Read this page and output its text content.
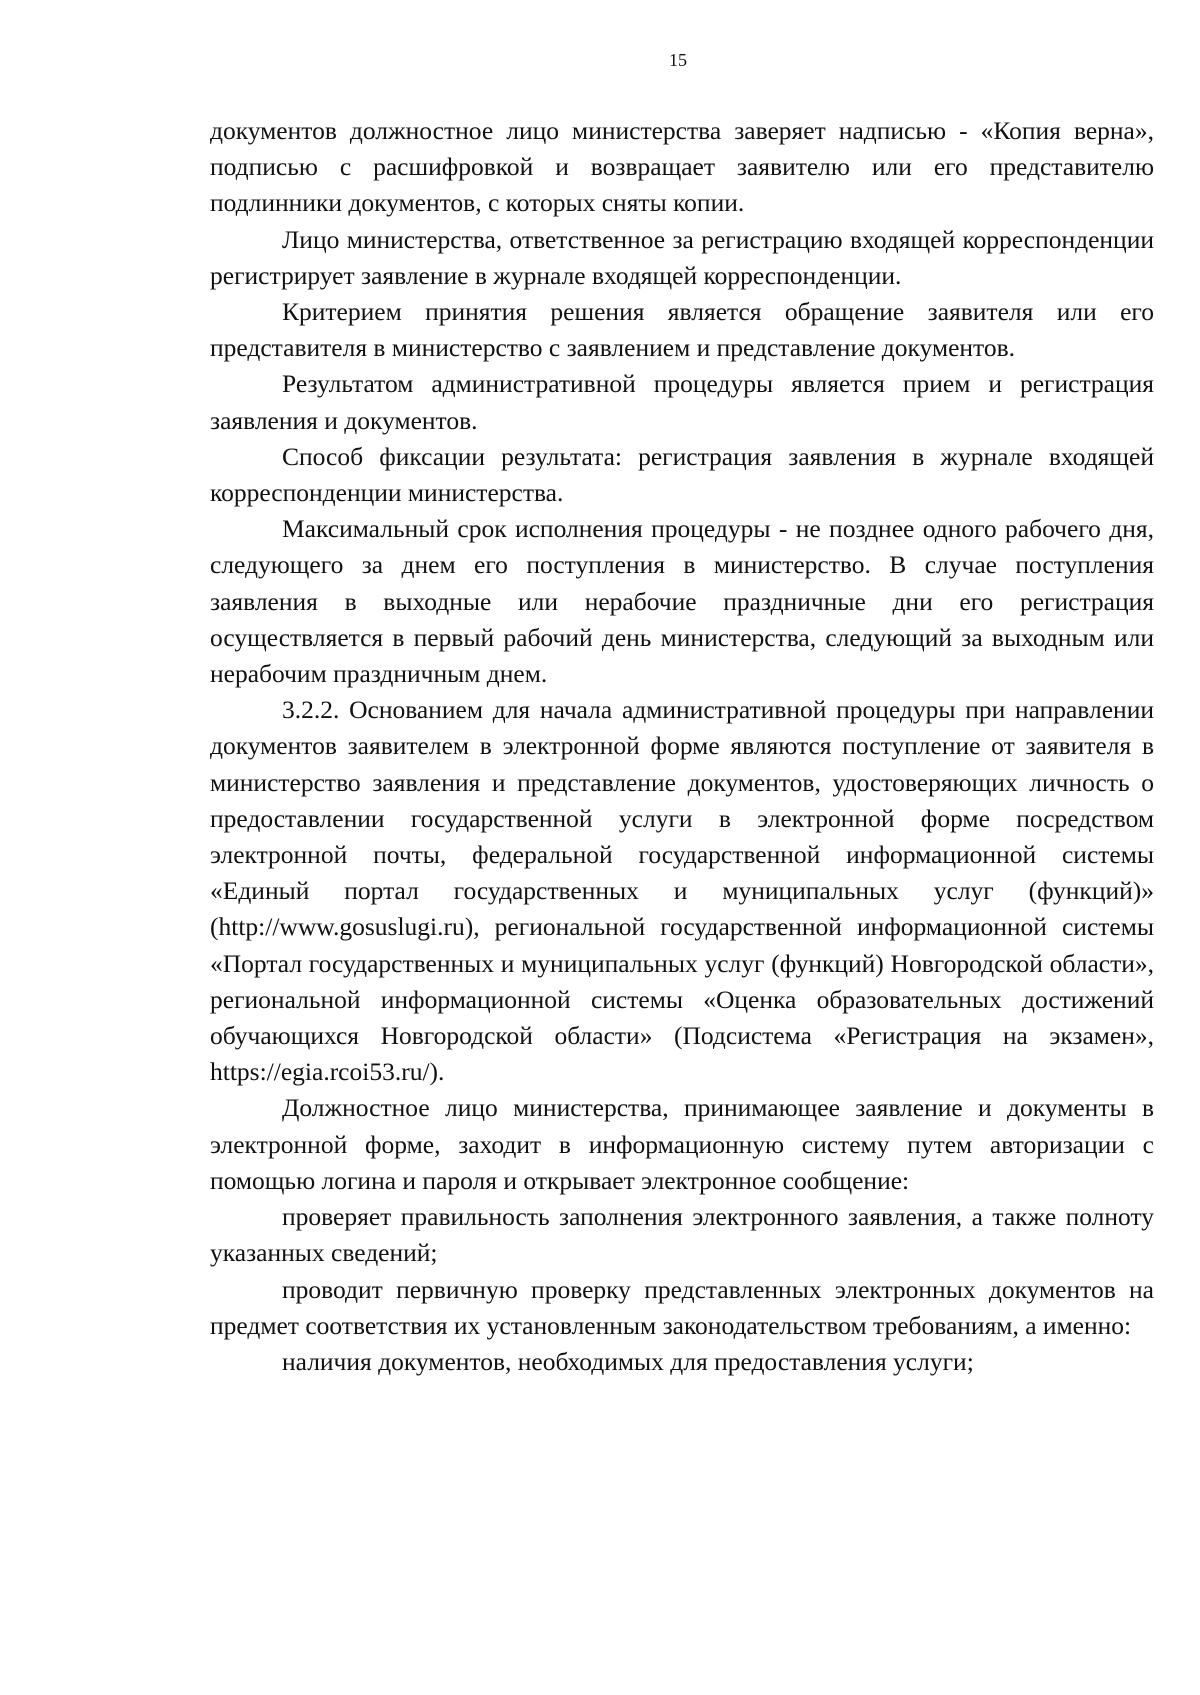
15

документов должностное лицо министерства заверяет надписью - «Копия верна», подписью с расшифровкой и возвращает заявителю или его представителю подлинники документов, с которых сняты копии.

Лицо министерства, ответственное за регистрацию входящей корреспонденции регистрирует заявление в журнале входящей корреспонденции.

Критерием принятия решения является обращение заявителя или его представителя в министерство с заявлением и представление документов.

Результатом административной процедуры является прием и регистрация заявления и документов.

Способ фиксации результата: регистрация заявления в журнале входящей корреспонденции министерства.

Максимальный срок исполнения процедуры - не позднее одного рабочего дня, следующего за днем его поступления в министерство. В случае поступления заявления в выходные или нерабочие праздничные дни его регистрация осуществляется в первый рабочий день министерства, следующий за выходным или нерабочим праздничным днем.

3.2.2. Основанием для начала административной процедуры при направлении документов заявителем в электронной форме являются поступление от заявителя в министерство заявления и представление документов, удостоверяющих личность о предоставлении государственной услуги в электронной форме посредством электронной почты, федеральной государственной информационной системы «Единый портал государственных и муниципальных услуг (функций)» (http://www.gosuslugi.ru), региональной государственной информационной системы «Портал государственных и муниципальных услуг (функций) Новгородской области», региональной информационной системы «Оценка образовательных достижений обучающихся Новгородской области» (Подсистема «Регистрация на экзамен», https://egia.rcoi53.ru/).

Должностное лицо министерства, принимающее заявление и документы в электронной форме, заходит в информационную систему путем авторизации с помощью логина и пароля и открывает электронное сообщение:

проверяет правильность заполнения электронного заявления, а также полноту указанных сведений;

проводит первичную проверку представленных электронных документов на предмет соответствия их установленным законодательством требованиям, а именно:

наличия документов, необходимых для предоставления услуги;
